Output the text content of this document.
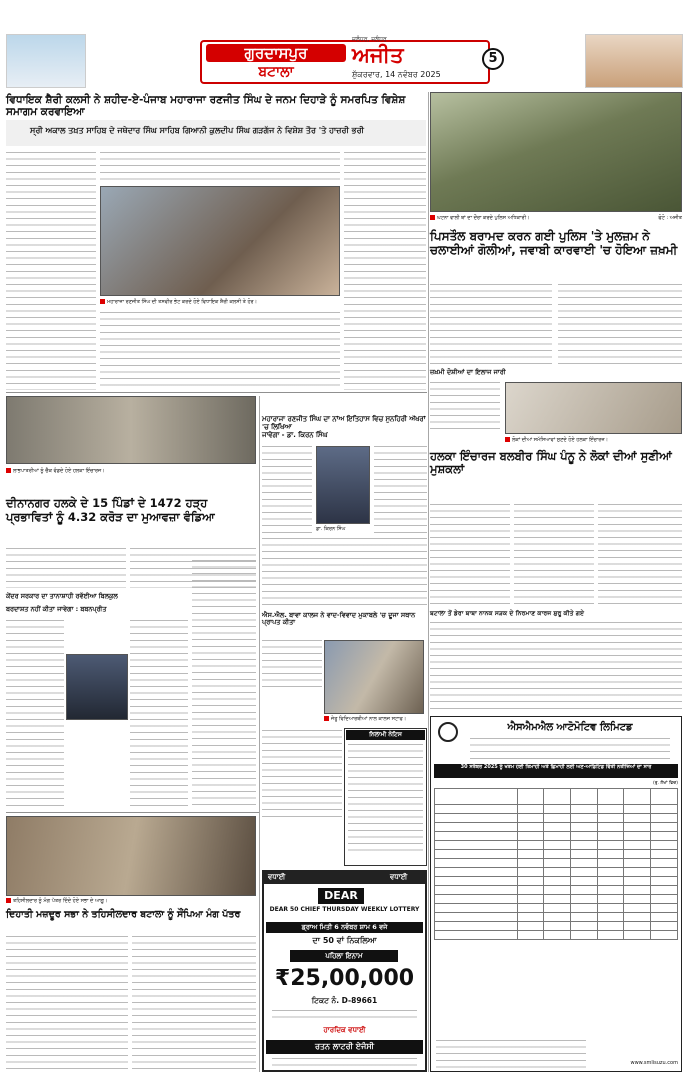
ਗੁਰਦਾਸਪੁਰ
ਬਟਾਲਾ
ਜਲੰਧਰ, ਜਲੰਧਰ
ਅਜੀਤ
ਸ਼ੁੱਕਰਵਾਰ, 14 ਨਵੰਬਰ 2025
5
ਵਿਧਾਇਕ ਸ਼ੈਰੀ ਕਲਸੀ ਨੇ ਸ਼ਹੀਦ-ਏ-ਪੰਜਾਬ ਮਹਾਰਾਜਾ ਰਣਜੀਤ ਸਿੰਘ ਦੇ ਜਨਮ ਦਿਹਾੜੇ ਨੂੰ ਸਮਰਪਿਤ ਵਿਸ਼ੇਸ਼ ਸਮਾਗਮ ਕਰਵਾਇਆ
ਸ੍ਰੀ ਅਕਾਲ ਤਖ਼ਤ ਸਾਹਿਬ ਦੇ ਜਥੇਦਾਰ ਸਿੰਘ ਸਾਹਿਬ ਗਿਆਨੀ ਕੁਲਦੀਪ ਸਿੰਘ ਗੜਗੱਜ ਨੇ ਵਿਸ਼ੇਸ਼ ਤੌਰ 'ਤੇ ਹਾਜ਼ਰੀ ਭਰੀ
ਮਹਾਰਾਜਾ ਰਣਜੀਤ ਸਿੰਘ ਦੀ ਤਸਵੀਰ ਭੇਟ ਕਰਦੇ ਹੋਏ ਵਿਧਾਇਕ ਸ਼ੈਰੀ ਕਲਸੀ ਤੇ ਹੋਰ।
ਘਟਨਾ ਵਾਲੀ ਥਾਂ ਦਾ ਦੌਰਾ ਕਰਦੇ ਪੁਲਿਸ ਅਧਿਕਾਰੀ।	ਫੋਟੋ : ਅਜੀਤ
ਪਿਸਤੌਲ ਬਰਾਮਦ ਕਰਨ ਗਈ ਪੁਲਿਸ 'ਤੇ ਮੁਲਜ਼ਮ ਨੇ ਚਲਾਈਆਂ ਗੋਲੀਆਂ, ਜਵਾਬੀ ਕਾਰਵਾਈ 'ਚ ਹੋਇਆ ਜ਼ਖ਼ਮੀ
ਜ਼ਖ਼ਮੀ ਦੋਸ਼ੀਆਂ ਦਾ ਇਲਾਜ ਜਾਰੀ
ਲੋਕਾਂ ਦੀਆਂ ਸਮੱਸਿਆਵਾਂ ਸੁਣਦੇ ਹੋਏ ਹਲਕਾ ਇੰਚਾਰਜ।
ਲਾਭਪਾਤਰੀਆਂ ਨੂੰ ਚੈੱਕ ਵੰਡਦੇ ਹੋਏ ਹਲਕਾ ਇੰਚਾਰਜ।
ਮਹਾਰਾਜਾ ਰਣਜੀਤ ਸਿੰਘ ਦਾ ਨਾਂਅ ਇਤਿਹਾਸ ਵਿਚ ਸੁਨਹਿਰੀ ਅੱਖਰਾਂ 'ਚ ਲਿਖਿਆ
ਜਾਵੇਗਾ - ਡਾ. ਕਿਰਨ ਸਿੰਘ
ਡਾ. ਕਿਰਨ ਸਿੰਘ
ਹਲਕਾ ਇੰਚਾਰਜ ਬਲਬੀਰ ਸਿੰਘ ਪੰਨੂ ਨੇ ਲੋਕਾਂ ਦੀਆਂ ਸੁਣੀਆਂ ਮੁਸ਼ਕਲਾਂ
ਬਟਾਲਾ ਤੋਂ ਡੇਰਾ ਬਾਬਾ ਨਾਨਕ ਸੜਕ ਦੇ ਨਿਰਮਾਣ ਕਾਰਜ ਸ਼ੁਰੂ ਕੀਤੇ ਗਏ
ਦੀਨਾਨਗਰ ਹਲਕੇ ਦੇ 15 ਪਿੰਡਾਂ ਦੇ 1472 ਹੜ੍ਹ ਪ੍ਰਭਾਵਿਤਾਂ ਨੂੰ 4.32 ਕਰੋੜ ਦਾ ਮੁਆਵਜ਼ਾ ਵੰਡਿਆ
ਕੇਂਦਰ ਸਰਕਾਰ ਦਾ ਤਾਨਾਸ਼ਾਹੀ ਰਵੱਈਆ ਬਿਲਕੁਲ
ਬਰਦਾਸ਼ਤ ਨਹੀਂ ਕੀਤਾ ਜਾਵੇਗਾ : ਬਬਨਪ੍ਰੀਤ
ਐਸ.ਐਲ. ਬਾਵਾ ਕਾਲਜ ਨੇ ਵਾਦ-ਵਿਵਾਦ ਮੁਕਾਬਲੇ 'ਚ ਦੂਜਾ ਸਥਾਨ ਪ੍ਰਾਪਤ ਕੀਤਾ
ਜੇਤੂ ਵਿਦਿਆਰਥੀਆਂ ਨਾਲ ਕਾਲਜ ਸਟਾਫ।
ਨਿਲਾਮੀ ਨੋਟਿਸ
ਤਹਿਸੀਲਦਾਰ ਨੂੰ ਮੰਗ ਪੱਤਰ ਦਿੰਦੇ ਹੋਏ ਸਭਾ ਦੇ ਆਗੂ।
ਦਿਹਾਤੀ ਮਜ਼ਦੂਰ ਸਭਾ ਨੇ ਤਹਿਸੀਲਦਾਰ ਬਟਾਲਾ ਨੂੰ ਸੌਂਪਿਆ ਮੰਗ ਪੱਤਰ
ਵਧਾਈ	ਵਧਾਈ
DEAR
DEAR 50 CHIEF THURSDAY WEEKLY LOTTERY
ਡ੍ਰਾਅ ਮਿਤੀ 6 ਨਵੰਬਰ ਸ਼ਾਮ 6 ਵਜੇ
ਦਾ 50 ਵਾਂ ਨਿਕਲਿਆ
ਪਹਿਲਾ ਇਨਾਮ
₹25,00,000
ਟਿਕਟ ਨੰ. D-89661
ਹਾਰਦਿਕ ਵਧਾਈ
ਰਤਨ ਲਾਟਰੀ ਏਜੰਸੀ
ਐਸਐਮਐਲ ਆਟੋਮੋਟਿਵ ਲਿਮਿਟਡ
30 ਸਤੰਬਰ 2025 ਨੂੰ ਖਤਮ ਹੋਈ ਤਿਮਾਹੀ ਅਤੇ ਛਿਮਾਹੀ ਲਈ ਅਣ-ਆਡਿਟਿਡ ਵਿੱਤੀ ਨਤੀਜਿਆਂ ਦਾ ਸਾਰ
(ਰੁ. ਲੱਖਾਂ ਵਿਚ)

www.smlisuzu.com
